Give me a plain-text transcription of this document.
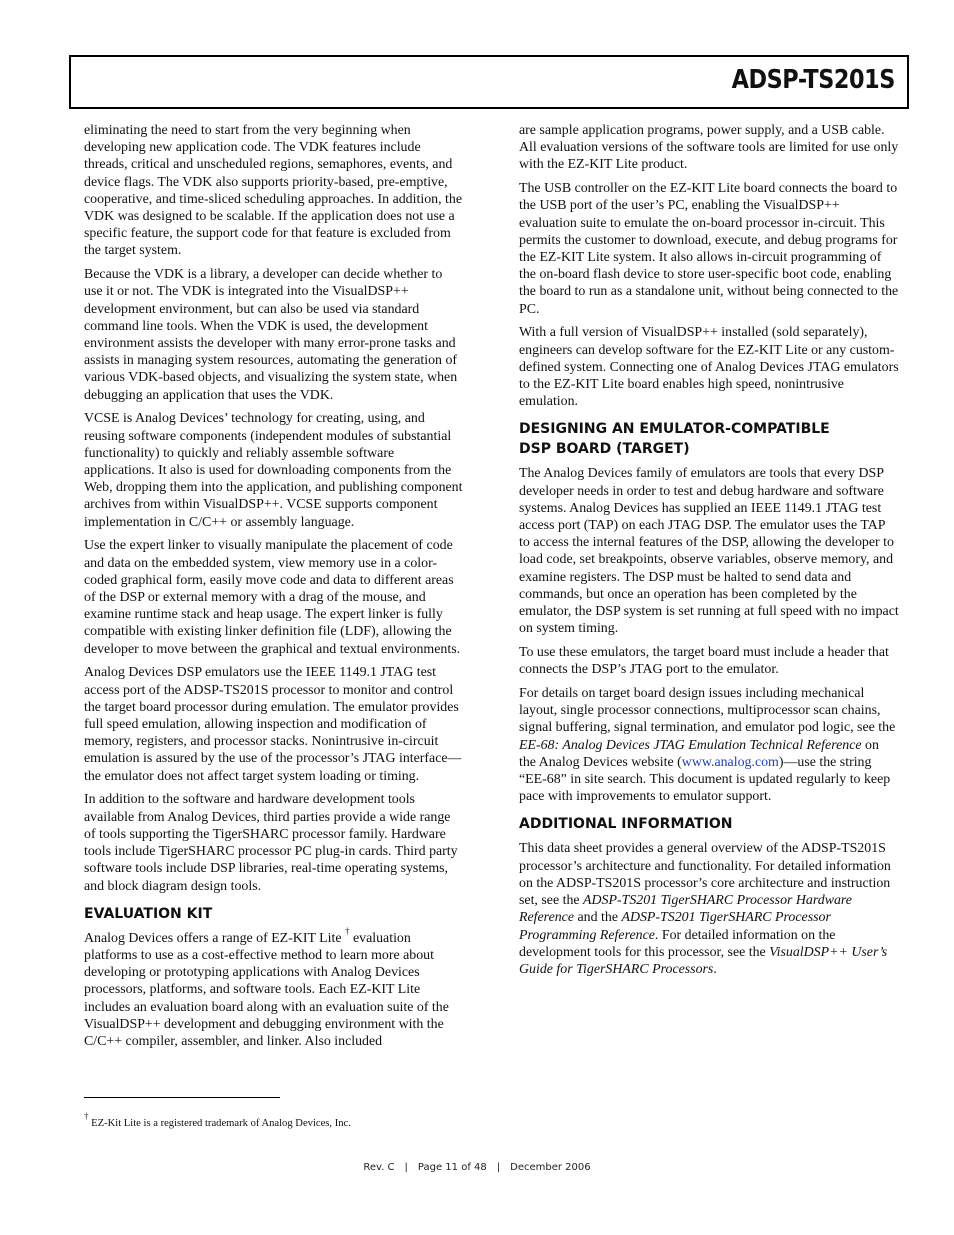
ADSP-TS201S

eliminating the need to start from the very beginning when developing new application code. The VDK features include threads, critical and unscheduled regions, semaphores, events, and device flags. The VDK also supports priority-based, pre-emptive, cooperative, and time-sliced scheduling approaches. In addition, the VDK was designed to be scalable. If the application does not use a specific feature, the support code for that feature is excluded from the target system.

Because the VDK is a library, a developer can decide whether to use it or not. The VDK is integrated into the VisualDSP++ development environment, but can also be used via standard command line tools. When the VDK is used, the development environment assists the developer with many error-prone tasks and assists in managing system resources, automating the generation of various VDK-based objects, and visualizing the system state, when debugging an application that uses the VDK.

VCSE is Analog Devices’ technology for creating, using, and reusing software components (independent modules of substantial functionality) to quickly and reliably assemble software applications. It also is used for downloading components from the Web, dropping them into the application, and publishing component archives from within VisualDSP++. VCSE supports component implementation in C/C++ or assembly language.

Use the expert linker to visually manipulate the placement of code and data on the embedded system, view memory use in a color-coded graphical form, easily move code and data to different areas of the DSP or external memory with a drag of the mouse, and examine runtime stack and heap usage. The expert linker is fully compatible with existing linker definition file (LDF), allowing the developer to move between the graphical and textual environments.

Analog Devices DSP emulators use the IEEE 1149.1 JTAG test access port of the ADSP-TS201S processor to monitor and control the target board processor during emulation. The emulator provides full speed emulation, allowing inspection and modification of memory, registers, and processor stacks. Nonintrusive in-circuit emulation is assured by the use of the processor’s JTAG interface—the emulator does not affect target system loading or timing.

In addition to the software and hardware development tools available from Analog Devices, third parties provide a wide range of tools supporting the TigerSHARC processor family. Hardware tools include TigerSHARC processor PC plug-in cards. Third party software tools include DSP libraries, real-time operating systems, and block diagram design tools.

EVALUATION KIT

Analog Devices offers a range of EZ-KIT Lite † evaluation platforms to use as a cost-effective method to learn more about developing or prototyping applications with Analog Devices processors, platforms, and software tools. Each EZ-KIT Lite includes an evaluation board along with an evaluation suite of the VisualDSP++ development and debugging environment with the C/C++ compiler, assembler, and linker. Also included

are sample application programs, power supply, and a USB cable. All evaluation versions of the software tools are limited for use only with the EZ-KIT Lite product.

The USB controller on the EZ-KIT Lite board connects the board to the USB port of the user’s PC, enabling the VisualDSP++ evaluation suite to emulate the on-board processor in-circuit. This permits the customer to download, execute, and debug programs for the EZ-KIT Lite system. It also allows in-circuit programming of the on-board flash device to store user-specific boot code, enabling the board to run as a standalone unit, without being connected to the PC.

With a full version of VisualDSP++ installed (sold separately), engineers can develop software for the EZ-KIT Lite or any custom-defined system. Connecting one of Analog Devices JTAG emulators to the EZ-KIT Lite board enables high speed, nonintrusive emulation.

DESIGNING AN EMULATOR-COMPATIBLE
DSP BOARD (TARGET)

The Analog Devices family of emulators are tools that every DSP developer needs in order to test and debug hardware and software systems. Analog Devices has supplied an IEEE 1149.1 JTAG test access port (TAP) on each JTAG DSP. The emulator uses the TAP to access the internal features of the DSP, allowing the developer to load code, set breakpoints, observe variables, observe memory, and examine registers. The DSP must be halted to send data and commands, but once an operation has been completed by the emulator, the DSP system is set running at full speed with no impact on system timing.

To use these emulators, the target board must include a header that connects the DSP’s JTAG port to the emulator.

For details on target board design issues including mechanical layout, single processor connections, multiprocessor scan chains, signal buffering, signal termination, and emulator pod logic, see the EE-68: Analog Devices JTAG Emulation Technical Reference on the Analog Devices website (www.analog.com)—use the string “EE-68” in site search. This document is updated regularly to keep pace with improvements to emulator support.

ADDITIONAL INFORMATION

This data sheet provides a general overview of the ADSP-TS201S processor’s architecture and functionality. For detailed information on the ADSP-TS201S processor’s core architecture and instruction set, see the ADSP-TS201 TigerSHARC Processor Hardware Reference and the ADSP-TS201 TigerSHARC Processor Programming Reference. For detailed information on the development tools for this processor, see the VisualDSP++ User’s Guide for TigerSHARC Processors.

† EZ-Kit Lite is a registered trademark of Analog Devices, Inc.
Rev. C | Page 11 of 48 | December 2006
